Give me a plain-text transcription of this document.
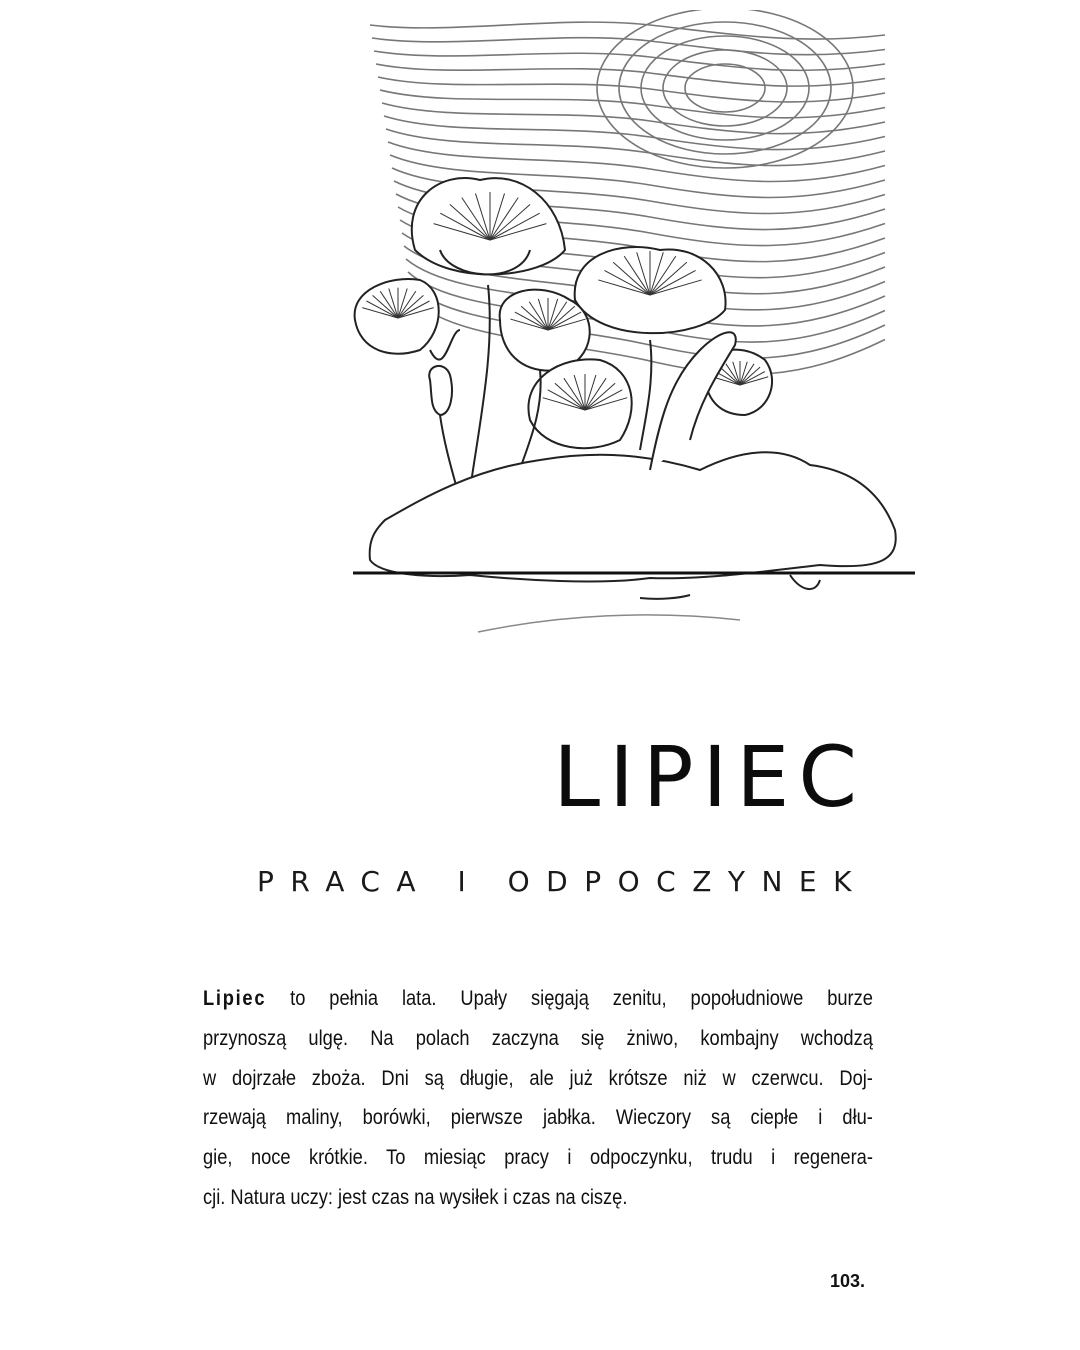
LIPIEC
PRACA I ODPOCZYNEK
Lipiec to pełnia lata. Upały sięgają zenitu, popołudniowe burze
przynoszą ulgę. Na polach zaczyna się żniwo, kombajny wchodzą
w dojrzałe zboża. Dni są długie, ale już krótsze niż w czerwcu. Doj-
rzewają maliny, borówki, pierwsze jabłka. Wieczory są ciepłe i dłu-
gie, noce krótkie. To miesiąc pracy i odpoczynku, trudu i regenera-
cji. Natura uczy: jest czas na wysiłek i czas na ciszę.
103.
